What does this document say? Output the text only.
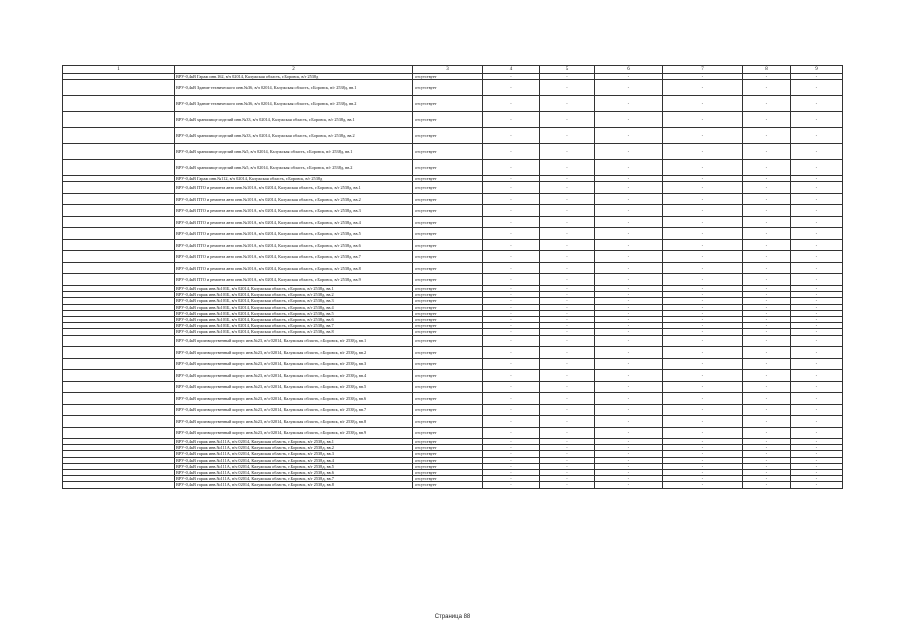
1	2	3	4	5	6	7	8	9
	ВРУ-0,4кВ Гараж инв.162, в/ч 02014, Калужская область, г.Боровск, в/г 2538д	отсутствует	-	-	-	-	-	-
	ВРУ-0,4кВ Здание технического инв.№36, в/ч 02014, Калужская область, г.Боровск, в/г 2538д, вв.1	отсутствует	-	-	-	-	-	-
	ВРУ-0,4кВ Здание технического инв.№36, в/ч 02014, Калужская область, г.Боровск, в/г 2538д, вв.2	отсутствует	-	-	-	-	-	-
	ВРУ-0,4кВ хранилище изделий инв.№33, в/ч 02014, Калужская область, г.Боровск, в/г 2538д, вв.1	отсутствует	-	-	-	-	-	-
	ВРУ-0,4кВ хранилище изделий инв.№33, в/ч 02014, Калужская область, г.Боровск, в/г 2538д, вв.2	отсутствует	-	-	-	-	-	-
	ВРУ-0,4кВ хранилище изделий инв.№5, в/ч 02014, Калужская область, г.Боровск, в/г 2538д, вв.1	отсутствует	-	-	-	-	-	-
	ВРУ-0,4кВ хранилище изделий инв.№5, в/ч 02014, Калужская область, г.Боровск, в/г 2538д, вв.2	отсутствует	-	-	-	-	-	-
	ВРУ-0,4кВ Гараж инв.№112, в/ч 02014, Калужская область, г.Боровск, в/г 2538д	отсутствует	-	-	-	-	-	-
	ВРУ-0,4кВ ПТО и ремонта авто инв.№101А, в/ч 02014, Калужская область, г.Боровск, в/г 2538д, вв.1	отсутствует	-	-	-	-	-	-
	ВРУ-0,4кВ ПТО и ремонта авто инв.№101А, в/ч 02014, Калужская область, г.Боровск, в/г 2538д, вв.2	отсутствует	-	-	-	-	-	-
	ВРУ-0,4кВ ПТО и ремонта авто инв.№101А, в/ч 02014, Калужская область, г.Боровск, в/г 2538д, вв.3	отсутствует	-	-	-	-	-	-
	ВРУ-0,4кВ ПТО и ремонта авто инв.№101А, в/ч 02014, Калужская область, г.Боровск, в/г 2538д, вв.4	отсутствует	-	-	-	-	-	-
	ВРУ-0,4кВ ПТО и ремонта авто инв.№101А, в/ч 02014, Калужская область, г.Боровск, в/г 2538д, вв.5	отсутствует	-	-	-	-	-	-
	ВРУ-0,4кВ ПТО и ремонта авто инв.№101А, в/ч 02014, Калужская область, г.Боровск, в/г 2538д, вв.6	отсутствует	-	-	-	-	-	-
	ВРУ-0,4кВ ПТО и ремонта авто инв.№101А, в/ч 02014, Калужская область, г.Боровск, в/г 2538д, вв.7	отсутствует	-	-	-	-	-	-
	ВРУ-0,4кВ ПТО и ремонта авто инв.№101А, в/ч 02014, Калужская область, г.Боровск, в/г 2538д, вв.8	отсутствует	-	-	-	-	-	-
	ВРУ-0,4кВ ПТО и ремонта авто инв.№101А, в/ч 02014, Калужская область, г.Боровск, в/г 2538д, вв.9	отсутствует	-	-	-	-	-	-
	ВРУ-0,4кВ гараж инв.№101Б, в/ч 02014, Калужская область, г.Боровск, в/г 2538д, вв.1	отсутствует	-	-	-	-	-	-
	ВРУ-0,4кВ гараж инв.№101Б, в/ч 02014, Калужская область, г.Боровск, в/г 2538д, вв.2	отсутствует	-	-	-	-	-	-
	ВРУ-0,4кВ гараж инв.№101Б, в/ч 02014, Калужская область, г.Боровск, в/г 2538д, вв.3	отсутствует	-	-	-	-	-	-
	ВРУ-0,4кВ гараж инв.№101Б, в/ч 02014, Калужская область, г.Боровск, в/г 2538д, вв.4	отсутствует	-	-	-	-	-	-
	ВРУ-0,4кВ гараж инв.№101Б, в/ч 02014, Калужская область, г.Боровск, в/г 2538д, вв.5	отсутствует	-	-	-	-	-	-
	ВРУ-0,4кВ гараж инв.№101Б, в/ч 02014, Калужская область, г.Боровск, в/г 2538д, вв.6	отсутствует	-	-	-	-	-	-
	ВРУ-0,4кВ гараж инв.№101Б, в/ч 02014, Калужская область, г.Боровск, в/г 2538д, вв.7	отсутствует	-	-	-	-	-	-
	ВРУ-0,4кВ гараж инв.№101Б, в/ч 02014, Калужская область, г.Боровск, в/г 2538д, вв.8	отсутствует	-	-	-	-	-	-
	ВРУ-0,4кВ производственный корпус инв.№23, в/ч 02014, Калужская область, г.Боровск, в/г 2538д, вв.1	отсутствует	-	-	-	-	-	-
	ВРУ-0,4кВ производственный корпус инв.№23, в/ч 02014, Калужская область, г.Боровск, в/г 2538д, вв.2	отсутствует	-	-	-	-	-	-
	ВРУ-0,4кВ производственный корпус инв.№23, в/ч 02014, Калужская область, г.Боровск, в/г 2538д, вв.3	отсутствует	-	-	-	-	-	-
	ВРУ-0,4кВ производственный корпус инв.№23, в/ч 02014, Калужская область, г.Боровск, в/г 2538д, вв.4	отсутствует	-	-	-	-	-	-
	ВРУ-0,4кВ производственный корпус инв.№23, в/ч 02014, Калужская область, г.Боровск, в/г 2538д, вв.5	отсутствует	-	-	-	-	-	-
	ВРУ-0,4кВ производственный корпус инв.№23, в/ч 02014, Калужская область, г.Боровск, в/г 2538д, вв.6	отсутствует	-	-	-	-	-	-
	ВРУ-0,4кВ производственный корпус инв.№23, в/ч 02014, Калужская область, г.Боровск, в/г 2538д, вв.7	отсутствует	-	-	-	-	-	-
	ВРУ-0,4кВ производственный корпус инв.№23, в/ч 02014, Калужская область, г.Боровск, в/г 2538д, вв.8	отсутствует	-	-	-	-	-	-
	ВРУ-0,4кВ производственный корпус инв.№23, в/ч 02014, Калужская область, г.Боровск, в/г 2538д, вв.9	отсутствует	-	-	-	-	-	-
	ВРУ-0,4кВ гараж инв.№111А, в/ч 02014, Калужская область, г.Боровск, в/г 2538д, вв.1	отсутствует	-	-	-	-	-	-
	ВРУ-0,4кВ гараж инв.№111А, в/ч 02014, Калужская область, г.Боровск, в/г 2538д, вв.2	отсутствует	-	-	-	-	-	-
	ВРУ-0,4кВ гараж инв.№111А, в/ч 02014, Калужская область, г.Боровск, в/г 2538д, вв.3	отсутствует	-	-	-	-	-	-
	ВРУ-0,4кВ гараж инв.№111А, в/ч 02014, Калужская область, г.Боровск, в/г 2538д, вв.4	отсутствует	-	-	-	-	-	-
	ВРУ-0,4кВ гараж инв.№111А, в/ч 02014, Калужская область, г.Боровск, в/г 2538д, вв.5	отсутствует	-	-	-	-	-	-
	ВРУ-0,4кВ гараж инв.№111А, в/ч 02014, Калужская область, г.Боровск, в/г 2538д, вв.6	отсутствует	-	-	-	-	-	-
	ВРУ-0,4кВ гараж инв.№111А, в/ч 02014, Калужская область, г.Боровск, в/г 2538д, вв.7	отсутствует	-	-	-	-	-	-
	ВРУ-0,4кВ гараж инв.№111А, в/ч 02014, Калужская область, г.Боровск, в/г 2538д, вв.8	отсутствует	-	-	-	-	-	-
Страница 88
